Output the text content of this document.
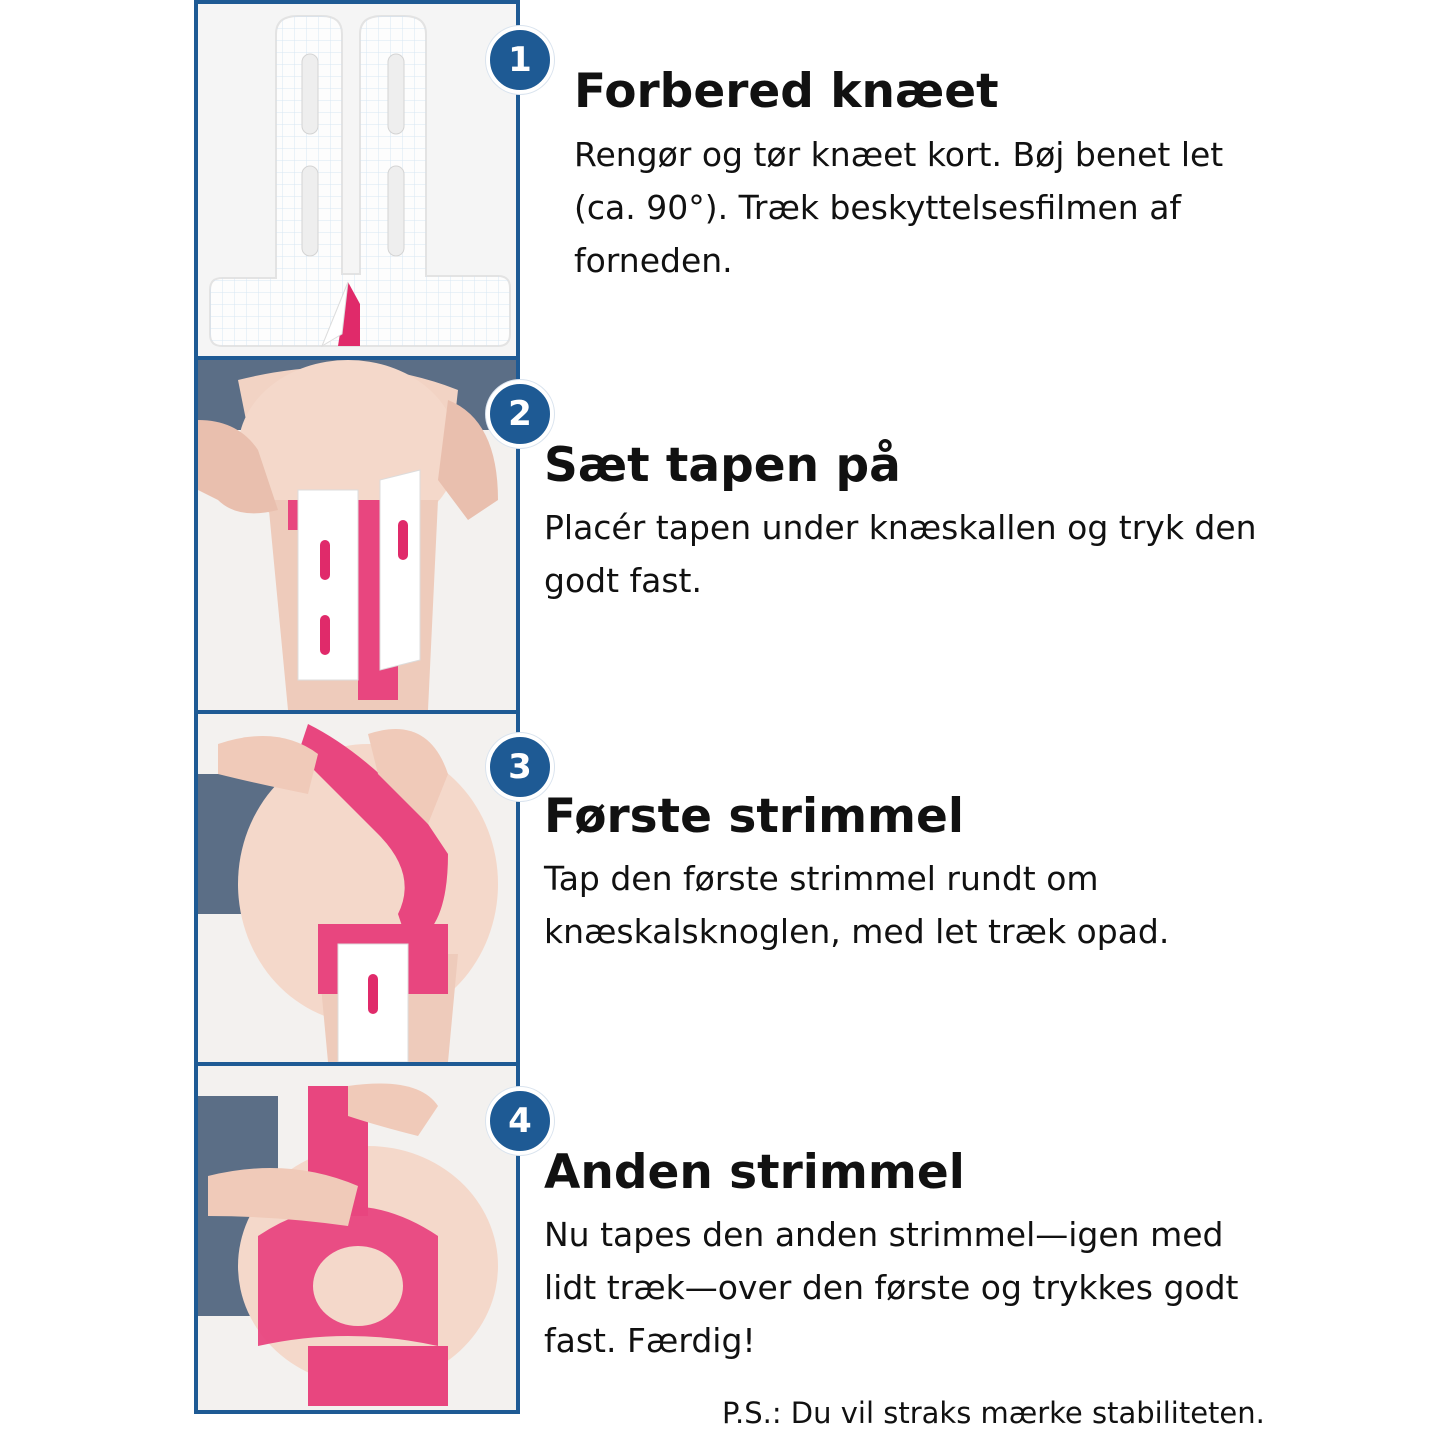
1
2
3
4
Forbered knæet

Rengør og tør knæet kort. Bøj benet let
(ca. 90°). Træk beskyttelsesfilmen af
forneden.

Sæt tapen på

Placér tapen under knæskallen og tryk den
godt fast.

Første strimmel

Tap den første strimmel rundt om
knæskalsknoglen, med let træk opad.

Anden strimmel

Nu tapes den anden strimmel—igen med
lidt træk—over den første og trykkes godt
fast. Færdig!

P.S.: Du vil straks mærke stabiliteten.
